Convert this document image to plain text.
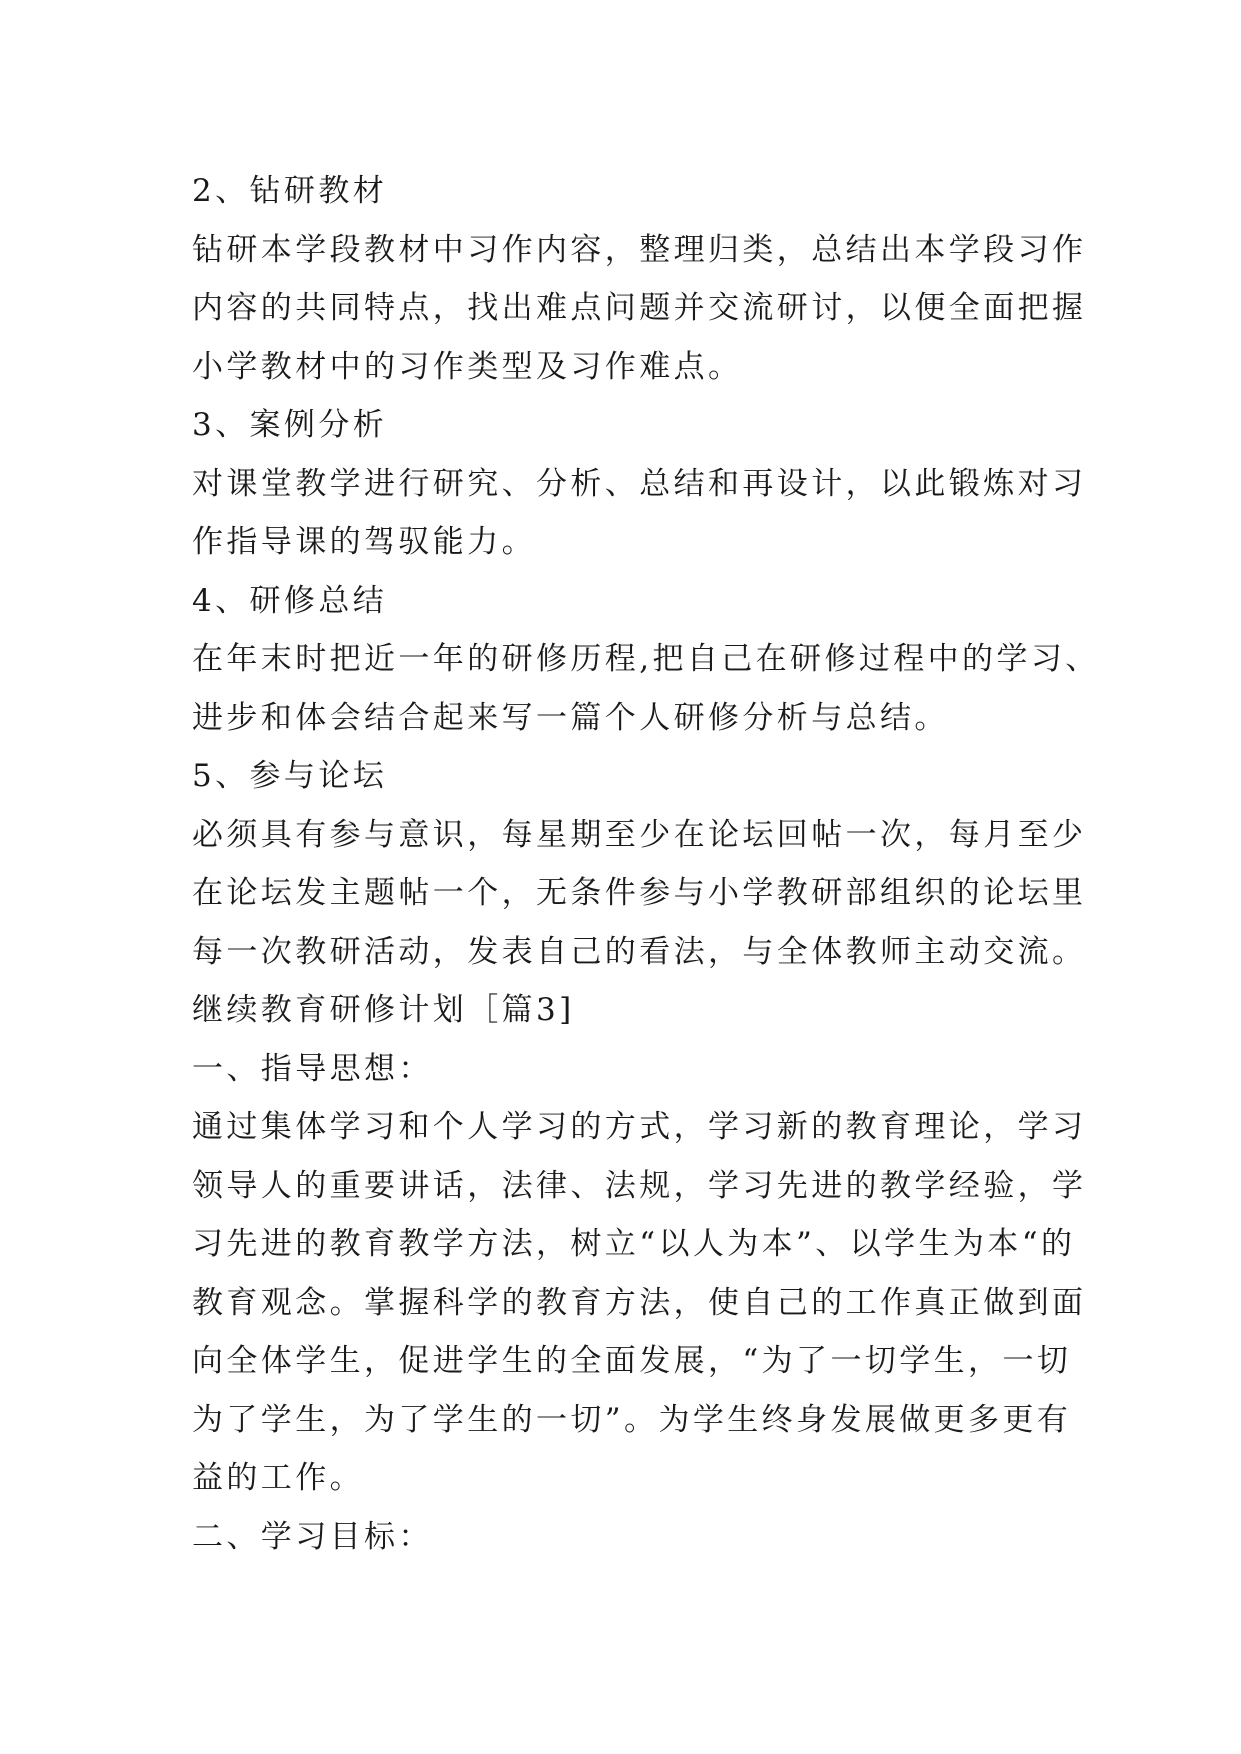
2、钻研教材
钻研本学段教材中习作内容，整理归类，总结出本学段习作
内容的共同特点，找出难点问题并交流研讨，以便全面把握
小学教材中的习作类型及习作难点。
3、案例分析
对课堂教学进行研究、分析、总结和再设计，以此锻炼对习
作指导课的驾驭能力。
4、研修总结
在年末时把近一年的研修历程,把自己在研修过程中的学习、
进步和体会结合起来写一篇个人研修分析与总结。
5、参与论坛
必须具有参与意识，每星期至少在论坛回帖一次，每月至少
在论坛发主题帖一个，无条件参与小学教研部组织的论坛里
每一次教研活动，发表自己的看法，与全体教师主动交流。
继续教育研修计划［篇3]
一、指导思想：
通过集体学习和个人学习的方式，学习新的教育理论，学习
领导人的重要讲话，法律、法规，学习先进的教学经验，学
习先进的教育教学方法，树立“以人为本”、以学生为本“的
教育观念。掌握科学的教育方法，使自己的工作真正做到面
向全体学生，促进学生的全面发展，“为了一切学生，一切
为了学生，为了学生的一切”。为学生终身发展做更多更有
益的工作。
二、学习目标：
